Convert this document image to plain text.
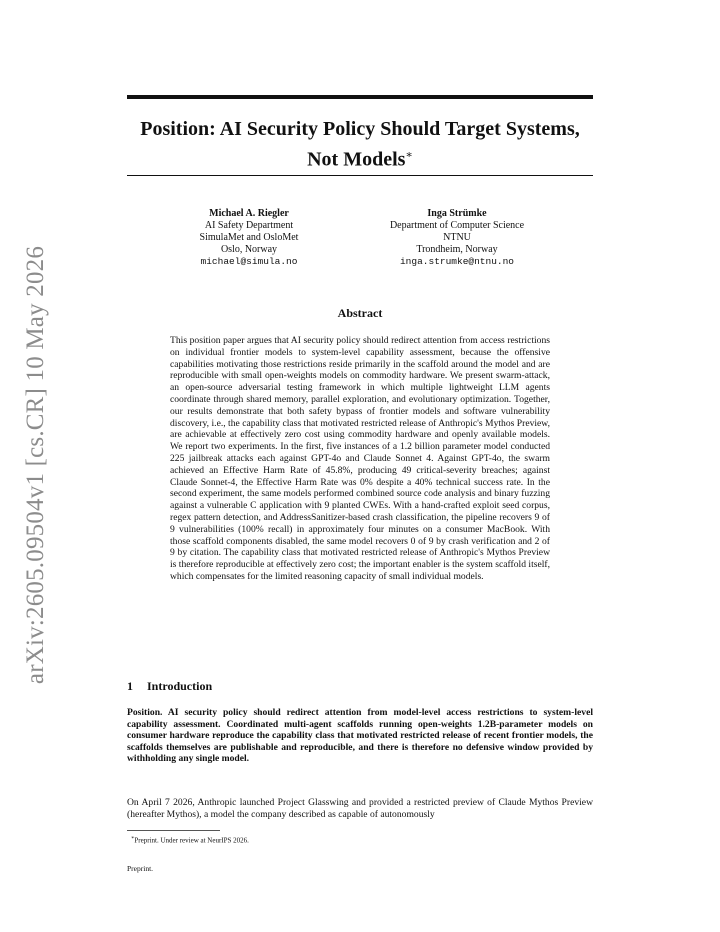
arXiv:2605.09504v1 [cs.CR] 10 May 2026
Position: AI Security Policy Should Target Systems,
Not Models∗
Michael A. Riegler
AI Safety Department
SimulaMet and OsloMet
Oslo, Norway
michael@simula.no
Inga Strümke
Department of Computer Science
NTNU
Trondheim, Norway
inga.strumke@ntnu.no
Abstract
This position paper argues that AI security policy should redirect attention from access restrictions on individual frontier models to system-level capability assessment, because the offensive capabilities motivating those restrictions reside primarily in the scaffold around the model and are reproducible with small open-weights models on commodity hardware. We present swarm-attack, an open-source adversarial testing framework in which multiple lightweight LLM agents coordinate through shared memory, parallel exploration, and evolutionary optimization. Together, our results demonstrate that both safety bypass of frontier models and software vulnerability discovery, i.e., the capability class that motivated restricted release of Anthropic's Mythos Preview, are achievable at effectively zero cost using commodity hardware and openly available models. We report two experiments. In the first, five instances of a 1.2 billion parameter model conducted 225 jailbreak attacks each against GPT-4o and Claude Sonnet 4. Against GPT-4o, the swarm achieved an Effective Harm Rate of 45.8%, producing 49 critical-severity breaches; against Claude Sonnet-4, the Effective Harm Rate was 0% despite a 40% technical success rate. In the second experiment, the same models performed combined source code analysis and binary fuzzing against a vulnerable C application with 9 planted CWEs. With a hand-crafted exploit seed corpus, regex pattern detection, and AddressSanitizer-based crash classification, the pipeline recovers 9 of 9 vulnerabilities (100% recall) in approximately four minutes on a consumer MacBook. With those scaffold components disabled, the same model recovers 0 of 9 by crash verification and 2 of 9 by citation. The capability class that motivated restricted release of Anthropic's Mythos Preview is therefore reproducible at effectively zero cost; the important enabler is the system scaffold itself, which compensates for the limited reasoning capacity of small individual models.
1 Introduction
Position. AI security policy should redirect attention from model-level access restrictions to system-level capability assessment. Coordinated multi-agent scaffolds running open-weights 1.2B-parameter models on consumer hardware reproduce the capability class that motivated restricted release of recent frontier models, the scaffolds themselves are publishable and reproducible, and there is therefore no defensive window provided by withholding any single model.
On April 7 2026, Anthropic launched Project Glasswing and provided a restricted preview of Claude Mythos Preview (hereafter Mythos), a model the company described as capable of autonomously
∗Preprint. Under review at NeurIPS 2026.
Preprint.
